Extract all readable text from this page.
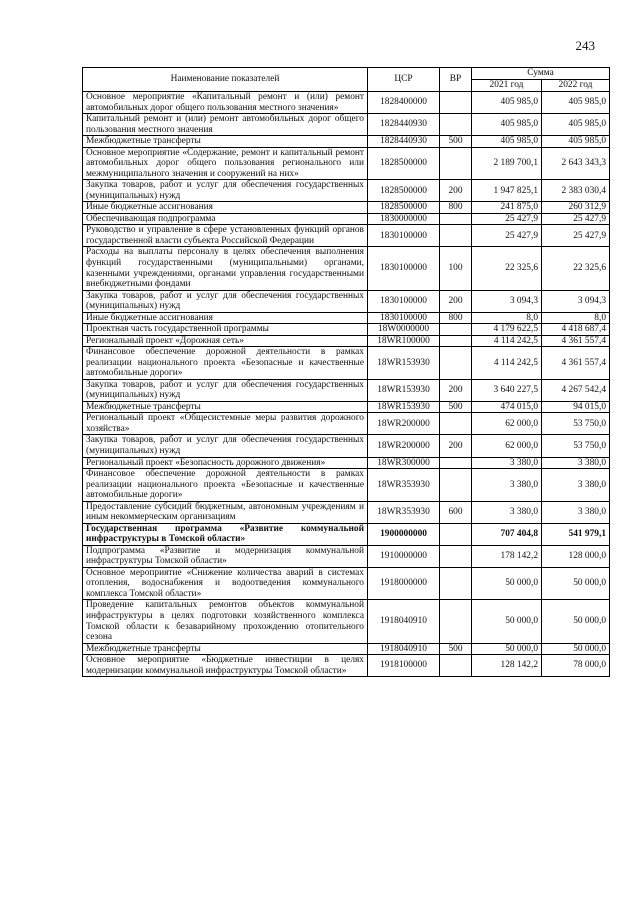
243
Наименование показателей	ЦСР	ВР	Сумма	
			2021 год	2022 год
Основное мероприятие «Капитальный ремонт и (или) ремонт автомобильных дорог общего пользования местного значения»	1828400000		405 985,0	405 985,0
Капитальный ремонт и (или) ремонт автомобильных дорог общего пользования местного значения	1828440930		405 985,0	405 985,0
Межбюджетные трансферты	1828440930	500	405 985,0	405 985,0
Основное мероприятие «Содержание, ремонт и капитальный ремонт автомобильных дорог общего пользования регионального или межмуниципального значения и сооружений на них»	1828500000		2 189 700,1	2 643 343,3
Закупка товаров, работ и услуг для обеспечения государственных (муниципальных) нужд	1828500000	200	1 947 825,1	2 383 030,4
Иные бюджетные ассигнования	1828500000	800	241 875,0	260 312,9
Обеспечивающая подпрограмма	1830000000		25 427,9	25 427,9
Руководство и управление в сфере установленных функций органов государственной власти субъекта Российской Федерации	1830100000		25 427,9	25 427,9
Расходы на выплаты персоналу в целях обеспечения выполнения функций государственными (муниципальными) органами, казенными учреждениями, органами управления государственными внебюджетными фондами	1830100000	100	22 325,6	22 325,6
Закупка товаров, работ и услуг для обеспечения государственных (муниципальных) нужд	1830100000	200	3 094,3	3 094,3
Иные бюджетные ассигнования	1830100000	800	8,0	8,0
Проектная часть государственной программы	18W0000000		4 179 622,5	4 418 687,4
Региональный проект «Дорожная сеть»	18WR100000		4 114 242,5	4 361 557,4
Финансовое обеспечение дорожной деятельности в рамках реализации национального проекта «Безопасные и качественные автомобильные дороги»	18WR153930		4 114 242,5	4 361 557,4
Закупка товаров, работ и услуг для обеспечения государственных (муниципальных) нужд	18WR153930	200	3 640 227,5	4 267 542,4
Межбюджетные трансферты	18WR153930	500	474 015,0	94 015,0
Региональный проект «Общесистемные меры развития дорожного хозяйства»	18WR200000		62 000,0	53 750,0
Закупка товаров, работ и услуг для обеспечения государственных (муниципальных) нужд	18WR200000	200	62 000,0	53 750,0
Региональный проект «Безопасность дорожного движения»	18WR300000		3 380,0	3 380,0
Финансовое обеспечение дорожной деятельности в рамках реализации национального проекта «Безопасные и качественные автомобильные дороги»	18WR353930		3 380,0	3 380,0
Предоставление субсидий бюджетным, автономным учреждениям и иным некоммерческим организациям	18WR353930	600	3 380,0	3 380,0
Государственная программа «Развитие коммунальной инфраструктуры в Томской области»	1900000000		707 404,8	541 979,1
Подпрограмма «Развитие и модернизация коммунальной инфраструктуры Томской области»	1910000000		178 142,2	128 000,0
Основное мероприятие «Снижение количества аварий в системах отопления, водоснабжения и водоотведения коммунального комплекса Томской области»	1918000000		50 000,0	50 000,0
Проведение капитальных ремонтов объектов коммунальной инфраструктуры в целях подготовки хозяйственного комплекса Томской области к безаварийному прохождению отопительного сезона	1918040910		50 000,0	50 000,0
Межбюджетные трансферты	1918040910	500	50 000,0	50 000,0
Основное мероприятие «Бюджетные инвестиции в целях модернизации коммунальной инфраструктуры Томской области»	1918100000		128 142,2	78 000,0
